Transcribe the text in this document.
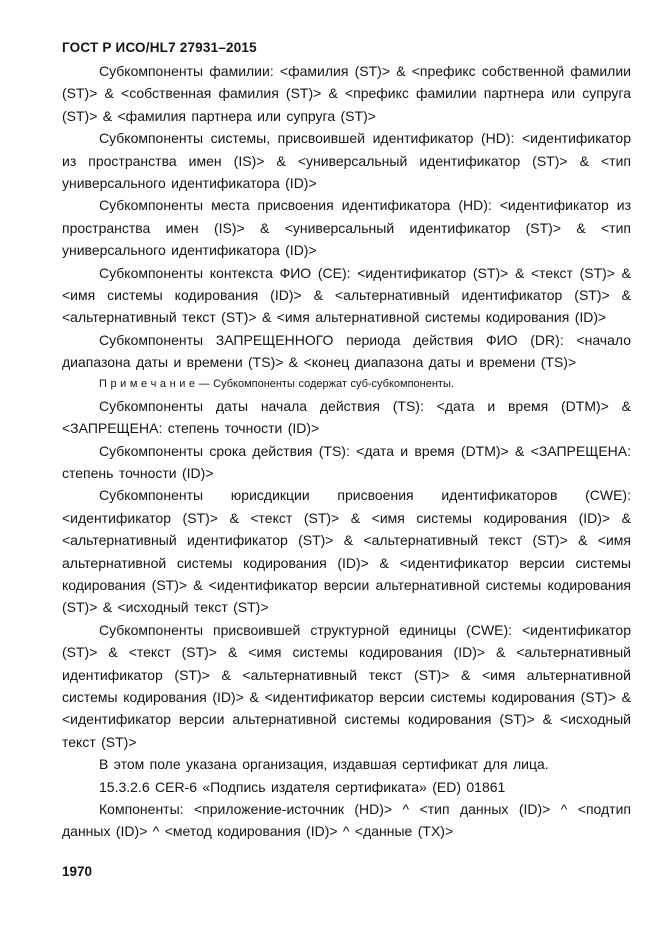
ГОСТ Р ИСО/HL7 27931–2015

Субкомпоненты фамилии: <фамилия (ST)> & <префикс собственной фамилии (ST)> & <собственная фамилия (ST)> & <префикс фамилии партнера или супруга (ST)> & <фамилия партнера или супруга (ST)>

Субкомпоненты системы, присвоившей идентификатор (HD): <идентификатор из пространства имен (IS)> & <универсальный идентификатор (ST)> & <тип универсального идентификатора (ID)>

Субкомпоненты места присвоения идентификатора (HD): <идентификатор из пространства имен (IS)> & <универсальный идентификатор (ST)> & <тип универсального идентификатора (ID)>

Субкомпоненты контекста ФИО (CE): <идентификатор (ST)> & <текст (ST)> & <имя системы кодирования (ID)> & <альтернативный идентификатор (ST)> & <альтернативный текст (ST)> & <имя альтернативной системы кодирования (ID)>

Субкомпоненты ЗАПРЕЩЕННОГО периода действия ФИО (DR): <начало диапазона даты и времени (TS)> & <конец диапазона даты и времени (TS)>

П р и м е ч а н и е — Субкомпоненты содержат суб-субкомпоненты.

Субкомпоненты даты начала действия (TS): <дата и время (DTM)> & <ЗАПРЕЩЕНА: степень точности (ID)>

Субкомпоненты срока действия (TS): <дата и время (DTM)> & <ЗАПРЕЩЕНА: степень точности (ID)>

Субкомпоненты юрисдикции присвоения идентификаторов (CWE): <идентификатор (ST)> & <текст (ST)> & <имя системы кодирования (ID)> & <альтернативный идентификатор (ST)> & <альтернативный текст (ST)> & <имя альтернативной системы кодирования (ID)> & <идентификатор версии системы кодирования (ST)> & <идентификатор версии альтернативной системы кодирования (ST)> & <исходный текст (ST)>

Субкомпоненты присвоившей структурной единицы (CWE): <идентификатор (ST)> & <текст (ST)> & <имя системы кодирования (ID)> & <альтернативный идентификатор (ST)> & <альтернативный текст (ST)> & <имя альтернативной системы кодирования (ID)> & <идентификатор версии системы кодирования (ST)> & <идентификатор версии альтернативной системы кодирования (ST)> & <исходный текст (ST)>

В этом поле указана организация, издавшая сертификат для лица.

15.3.2.6 CER-6 «Подпись издателя сертификата» (ED) 01861

Компоненты: <приложение-источник (HD)> ^ <тип данных (ID)> ^ <подтип данных (ID)> ^ <метод кодирования (ID)> ^ <данные (TX)>

1970
